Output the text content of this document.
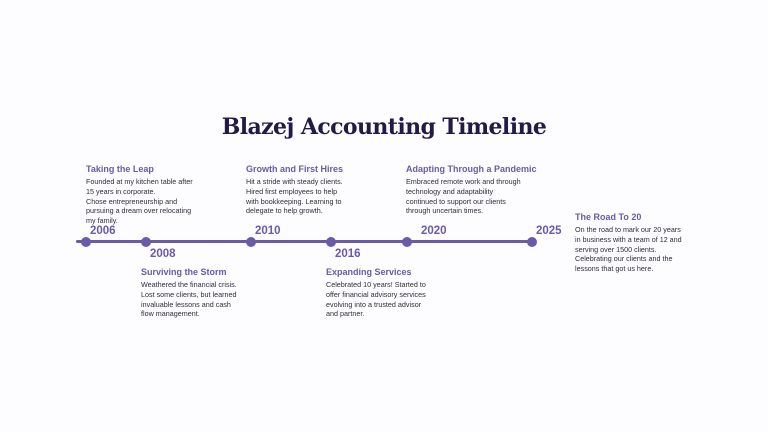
Blazej Accounting Timeline
2006
2008
2010
2016
2020	2025
Taking the Leap
Founded at my kitchen table after
15 years in corporate.
Chose entrepreneurship and
pursuing a dream over relocating
my family.
Growth and First Hires
Hit a stride with steady clients.
Hired first employees to help
with bookkeeping. Learning to
delegate to help growth.
Adapting Through a Pandemic
Embraced remote work and through
technology and adaptability
continued to support our clients
through uncertain times.
Surviving the Storm
Weathered the financial crisis.
Lost some clients, but learned
invaluable lessons and cash
flow management.
Expanding Services
Celebrated 10 years! Started to
offer financial advisory services
evolving into a trusted advisor
and partner.
The Road To 20
On the road to mark our 20 years
in business with a team of 12 and
serving over 1500 clients.
Celebrating our clients and the
lessons that got us here.
